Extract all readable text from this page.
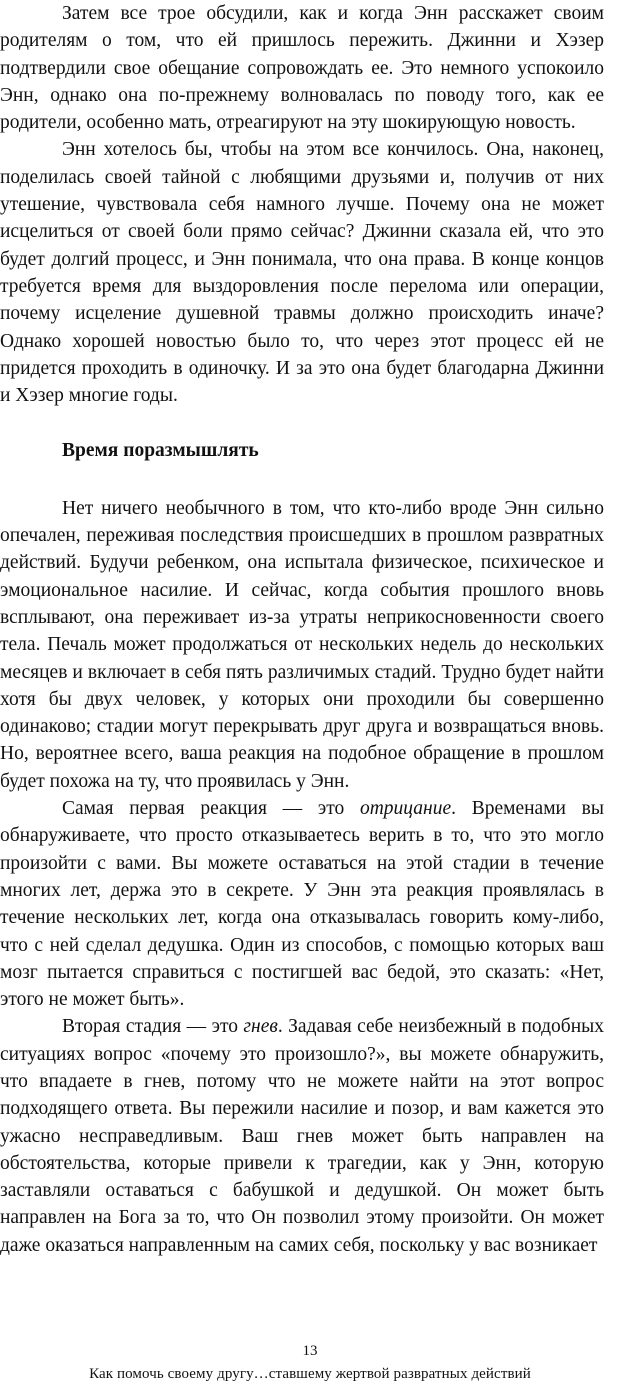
Затем все трое обсудили, как и когда Энн расскажет своим родителям о том, что ей пришлось пережить. Джинни и Хэзер подтвердили свое обещание сопровождать ее. Это немного успокоило Энн, однако она по-прежнему волновалась по поводу того, как ее родители, особенно мать, отреагируют на эту шокирующую новость.

Энн хотелось бы, чтобы на этом все кончилось. Она, наконец, поделилась своей тайной с любящими друзьями и, получив от них утешение, чувствовала себя намного лучше. Почему она не может исцелиться от своей боли прямо сейчас? Джинни сказала ей, что это будет долгий процесс, и Энн понимала, что она права. В конце концов требуется время для выздоровления после перелома или операции, почему исцеление душевной травмы должно происходить иначе? Однако хорошей новостью было то, что через этот процесс ей не придется проходить в одиночку. И за это она будет благодарна Джинни и Хэзер многие годы.

Время поразмышлять

Нет ничего необычного в том, что кто-либо вроде Энн сильно опечален, переживая последствия происшедших в прошлом развратных действий. Будучи ребенком, она испытала физическое, психическое и эмоциональное насилие. И сейчас, когда события прошлого вновь всплывают, она переживает из-за утраты неприкосновенности своего тела. Печаль может продолжаться от нескольких недель до нескольких месяцев и включает в себя пять различимых стадий. Трудно будет найти хотя бы двух человек, у которых они проходили бы совершенно одинаково; стадии могут перекрывать друг друга и возвращаться вновь. Но, вероятнее всего, ваша реакция на подобное обращение в прошлом будет похожа на ту, что проявилась у Энн.

Самая первая реакция — это отрицание. Временами вы обнаруживаете, что просто отказываетесь верить в то, что это могло произойти с вами. Вы можете оставаться на этой стадии в течение многих лет, держа это в секрете. У Энн эта реакция проявлялась в течение нескольких лет, когда она отказывалась говорить кому-либо, что с ней сделал дедушка. Один из способов, с помощью которых ваш мозг пытается справиться с постигшей вас бедой, это сказать: «Нет, этого не может быть».

Вторая стадия — это гнев. Задавая себе неизбежный в подобных ситуациях вопрос «почему это произошло?», вы можете обнаружить, что впадаете в гнев, потому что не можете найти на этот вопрос подходящего ответа. Вы пережили насилие и позор, и вам кажется это ужасно несправедливым. Ваш гнев может быть направлен на обстоятельства, которые привели к трагедии, как у Энн, которую заставляли оставаться с бабушкой и дедушкой. Он может быть направлен на Бога за то, что Он позволил этому произойти. Он может даже оказаться направленным на самих себя, поскольку у вас возникает

13
Как помочь своему другу…ставшему жертвой развратных действий
